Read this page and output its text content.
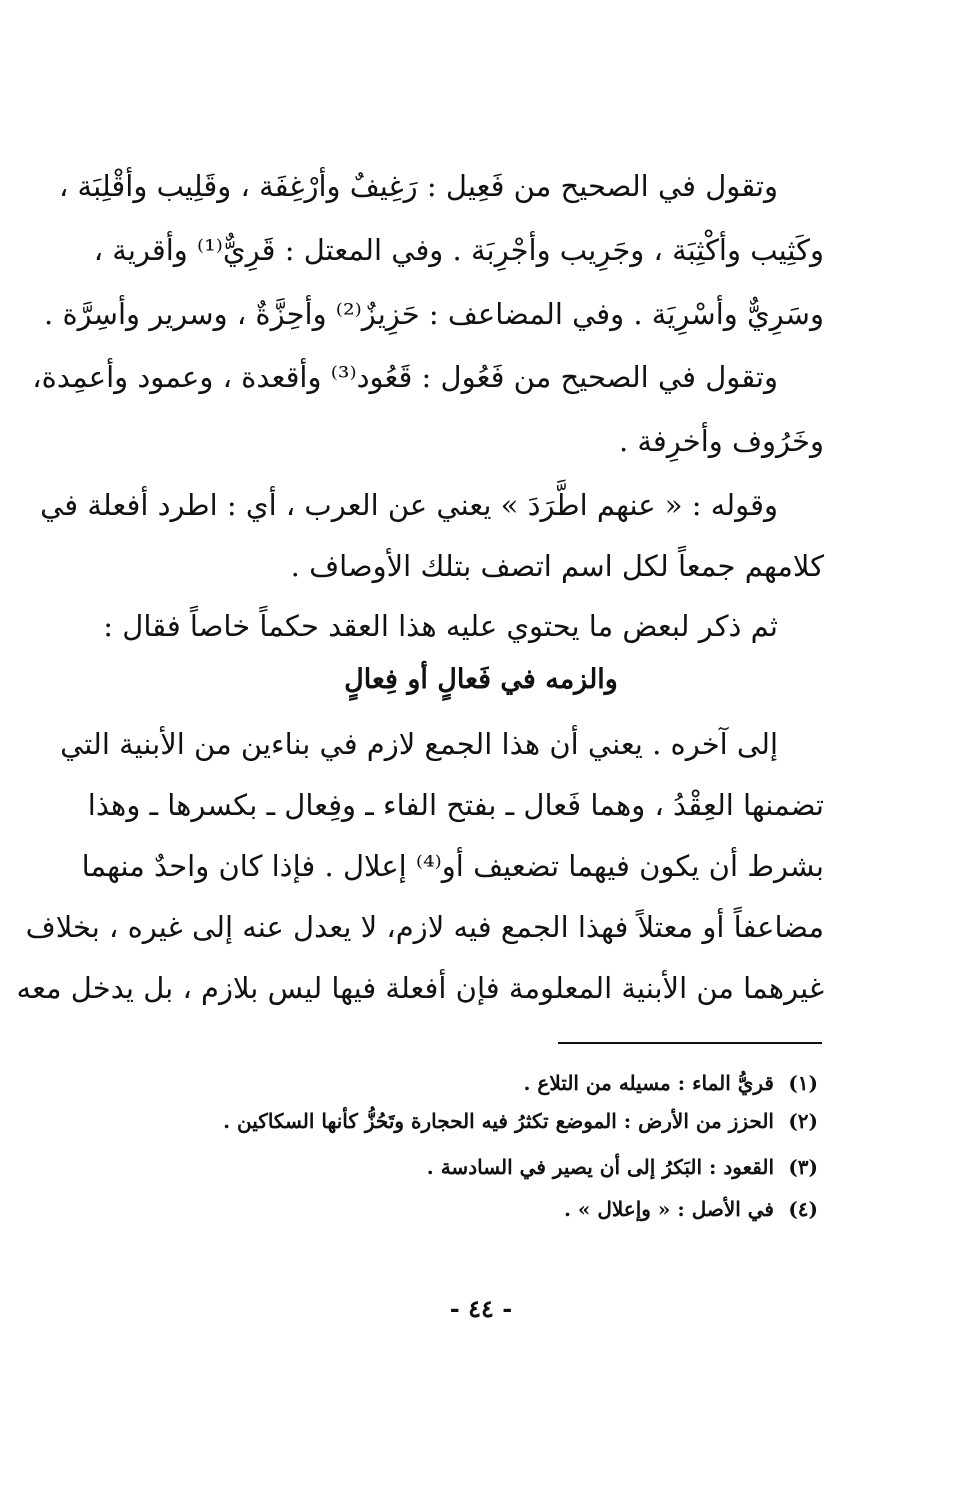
وتقول في الصحيح من فَعِيل : رَغِيفٌ وأرْغِفَة ، وقَلِيب وأقْلِبَة ،
وكَثِيب وأكْثِبَة ، وجَرِيب وأجْرِبَة . وفي المعتل : قَرِيٌّ⁽¹⁾ وأقرية ،
وسَرِيٌّ وأسْرِيَة . وفي المضاعف : حَزِيزٌ⁽²⁾ وأحِزَّةٌ ، وسرير وأسِرَّة .
وتقول في الصحيح من فَعُول : قَعُود⁽³⁾ وأقعدة ، وعمود وأعمِدة،
وخَرُوف وأخرِفة .
وقوله : « عنهم اطَّرَدَ » يعني عن العرب ، أي : اطرد أفعلة في
كلامهم جمعاً لكل اسم اتصف بتلك الأوصاف .
ثم ذكر لبعض ما يحتوي عليه هذا العقد حكماً خاصاً فقال :
والزمه في فَعالٍ أو فِعالٍ
إلى آخره . يعني أن هذا الجمع لازم في بناءين من الأبنية التي
تضمنها العِقْدُ ، وهما فَعال ـ بفتح الفاء ـ وفِعال ـ بكسرها ـ وهذا
بشرط أن يكون فيهما تضعيف أو⁽⁴⁾ إعلال . فإذا كان واحدٌ منهما
مضاعفاً أو معتلاً فهذا الجمع فيه لازم، لا يعدل عنه إلى غيره ، بخلاف
غيرهما من الأبنية المعلومة فإن أفعلة فيها ليس بلازم ، بل يدخل معه
(١)قريُّ الماء : مسيله من التلاع .
(٢)الحزز من الأرض : الموضع تكثرُ فيه الحجارة وتَحُزُّ كأنها السكاكين .
(٣)القعود : البَكرُ إلى أن يصير في السادسة .
(٤)في الأصل : « وإعلال » .
- ٤٤ -
